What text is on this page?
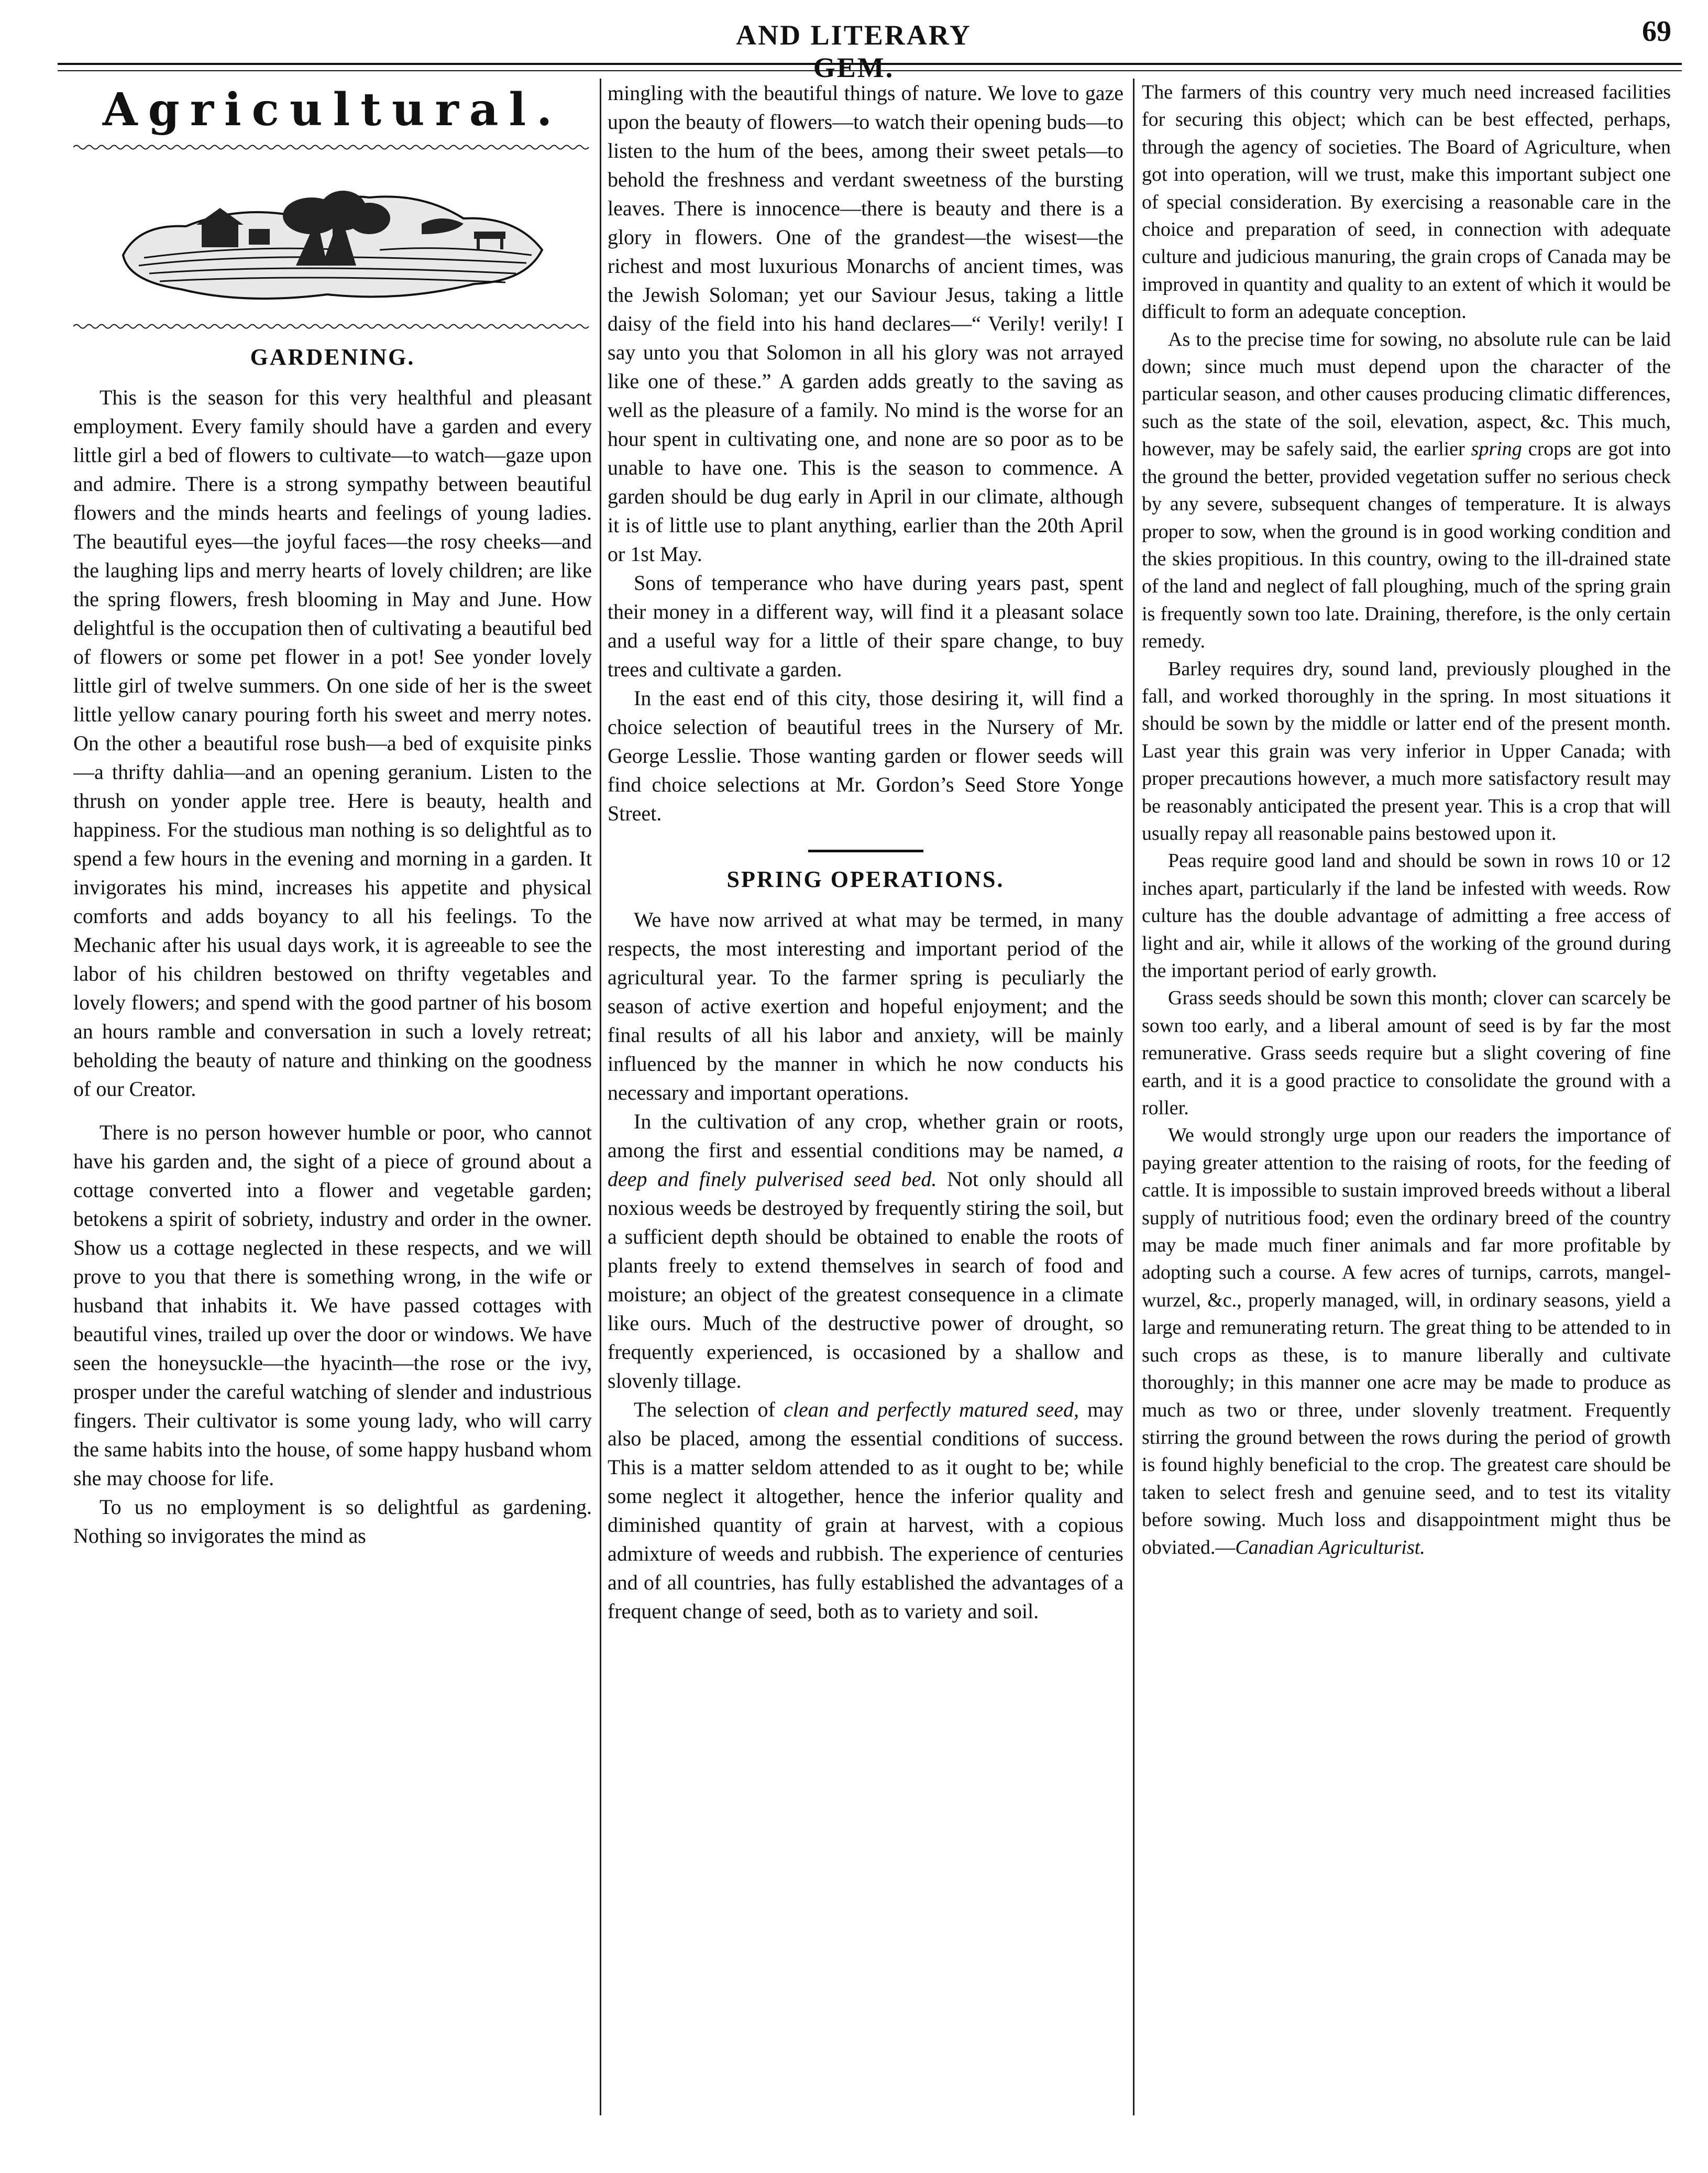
AND LITERARY GEM.
69
Agricultural.
GARDENING.

This is the season for this very healthful and pleasant employment. Every family should have a garden and every little girl a bed of flowers to cultivate—to watch—gaze upon and admire. There is a strong sympathy between beautiful flowers and the minds hearts and feelings of young ladies. The beautiful eyes—the joyful faces—the rosy cheeks—and the laughing lips and merry hearts of lovely children; are like the spring flowers, fresh blooming in May and June. How delightful is the occupation then of cultivating a beautiful bed of flowers or some pet flower in a pot! See yonder lovely little girl of twelve summers. On one side of her is the sweet little yellow canary pouring forth his sweet and merry notes. On the other a beautiful rose bush—a bed of exquisite pinks—a thrifty dahlia—and an opening geranium. Listen to the thrush on yonder apple tree. Here is beauty, health and happiness. For the studious man nothing is so delightful as to spend a few hours in the evening and morning in a garden. It invigorates his mind, increases his appetite and physical comforts and adds boyancy to all his feelings. To the Mechanic after his usual days work, it is agreeable to see the labor of his children bestowed on thrifty vegetables and lovely flowers; and spend with the good partner of his bosom an hours ramble and conversation in such a lovely retreat; beholding the beauty of nature and thinking on the goodness of our Creator.

There is no person however humble or poor, who cannot have his garden and, the sight of a piece of ground about a cottage converted into a flower and vegetable garden; betokens a spirit of sobriety, industry and order in the owner. Show us a cottage neglected in these respects, and we will prove to you that there is something wrong, in the wife or husband that inhabits it. We have passed cottages with beautiful vines, trailed up over the door or windows. We have seen the honeysuckle—the hyacinth—the rose or the ivy, prosper under the careful watching of slender and industrious fingers. Their cultivator is some young lady, who will carry the same habits into the house, of some happy husband whom she may choose for life.

To us no employment is so delightful as gardening. Nothing so invigorates the mind as

mingling with the beautiful things of nature. We love to gaze upon the beauty of flowers—to watch their opening buds—to listen to the hum of the bees, among their sweet petals—to behold the freshness and verdant sweetness of the bursting leaves. There is innocence—there is beauty and there is a glory in flowers. One of the grandest—the wisest—the richest and most luxurious Monarchs of ancient times, was the Jewish Soloman; yet our Saviour Jesus, taking a little daisy of the field into his hand declares—“ Verily! verily! I say unto you that Solomon in all his glory was not arrayed like one of these.” A garden adds greatly to the saving as well as the pleasure of a family. No mind is the worse for an hour spent in cultivating one, and none are so poor as to be unable to have one. This is the season to commence. A garden should be dug early in April in our climate, although it is of little use to plant anything, earlier than the 20th April or 1st May.

Sons of temperance who have during years past, spent their money in a different way, will find it a pleasant solace and a useful way for a little of their spare change, to buy trees and cultivate a garden.

In the east end of this city, those desiring it, will find a choice selection of beautiful trees in the Nursery of Mr. George Lesslie. Those wanting garden or flower seeds will find choice selections at Mr. Gordon’s Seed Store Yonge Street.

SPRING OPERATIONS.

We have now arrived at what may be termed, in many respects, the most interesting and important period of the agricultural year. To the farmer spring is peculiarly the season of active exertion and hopeful enjoyment; and the final results of all his labor and anxiety, will be mainly influenced by the manner in which he now conducts his necessary and important operations.

In the cultivation of any crop, whether grain or roots, among the first and essential conditions may be named, a deep and finely pulverised seed bed. Not only should all noxious weeds be destroyed by frequently stiring the soil, but a sufficient depth should be obtained to enable the roots of plants freely to extend themselves in search of food and moisture; an object of the greatest consequence in a climate like ours. Much of the destructive power of drought, so frequently experienced, is occasioned by a shallow and slovenly tillage.

The selection of clean and perfectly matured seed, may also be placed, among the essential conditions of success. This is a matter seldom attended to as it ought to be; while some neglect it altogether, hence the inferior quality and diminished quantity of grain at harvest, with a copious admixture of weeds and rubbish. The experience of centuries and of all countries, has fully established the advantages of a frequent change of seed, both as to variety and soil.

The farmers of this country very much need increased facilities for securing this object; which can be best effected, perhaps, through the agency of societies. The Board of Agriculture, when got into operation, will we trust, make this important subject one of special consideration. By exercising a reasonable care in the choice and preparation of seed, in connection with adequate culture and judicious manuring, the grain crops of Canada may be improved in quantity and quality to an extent of which it would be difficult to form an adequate conception.

As to the precise time for sowing, no absolute rule can be laid down; since much must depend upon the character of the particular season, and other causes producing climatic differences, such as the state of the soil, elevation, aspect, &c. This much, however, may be safely said, the earlier spring crops are got into the ground the better, provided vegetation suffer no serious check by any severe, subsequent changes of temperature. It is always proper to sow, when the ground is in good working condition and the skies propitious. In this country, owing to the ill-drained state of the land and neglect of fall ploughing, much of the spring grain is frequently sown too late. Draining, therefore, is the only certain remedy.

Barley requires dry, sound land, previously ploughed in the fall, and worked thoroughly in the spring. In most situations it should be sown by the middle or latter end of the present month. Last year this grain was very inferior in Upper Canada; with proper precautions however, a much more satisfactory result may be reasonably anticipated the present year. This is a crop that will usually repay all reasonable pains bestowed upon it.

Peas require good land and should be sown in rows 10 or 12 inches apart, particularly if the land be infested with weeds. Row culture has the double advantage of admitting a free access of light and air, while it allows of the working of the ground during the important period of early growth.

Grass seeds should be sown this month; clover can scarcely be sown too early, and a liberal amount of seed is by far the most remunerative. Grass seeds require but a slight covering of fine earth, and it is a good practice to consolidate the ground with a roller.

We would strongly urge upon our readers the importance of paying greater attention to the raising of roots, for the feeding of cattle. It is impossible to sustain improved breeds without a liberal supply of nutritious food; even the ordinary breed of the country may be made much finer animals and far more profitable by adopting such a course. A few acres of turnips, carrots, mangel-wurzel, &c., properly managed, will, in ordinary seasons, yield a large and remunerating return. The great thing to be attended to in such crops as these, is to manure liberally and cultivate thoroughly; in this manner one acre may be made to produce as much as two or three, under slovenly treatment. Frequently stirring the ground between the rows during the period of growth is found highly beneficial to the crop. The greatest care should be taken to select fresh and genuine seed, and to test its vitality before sowing. Much loss and disappointment might thus be obviated.—Canadian Agriculturist.
